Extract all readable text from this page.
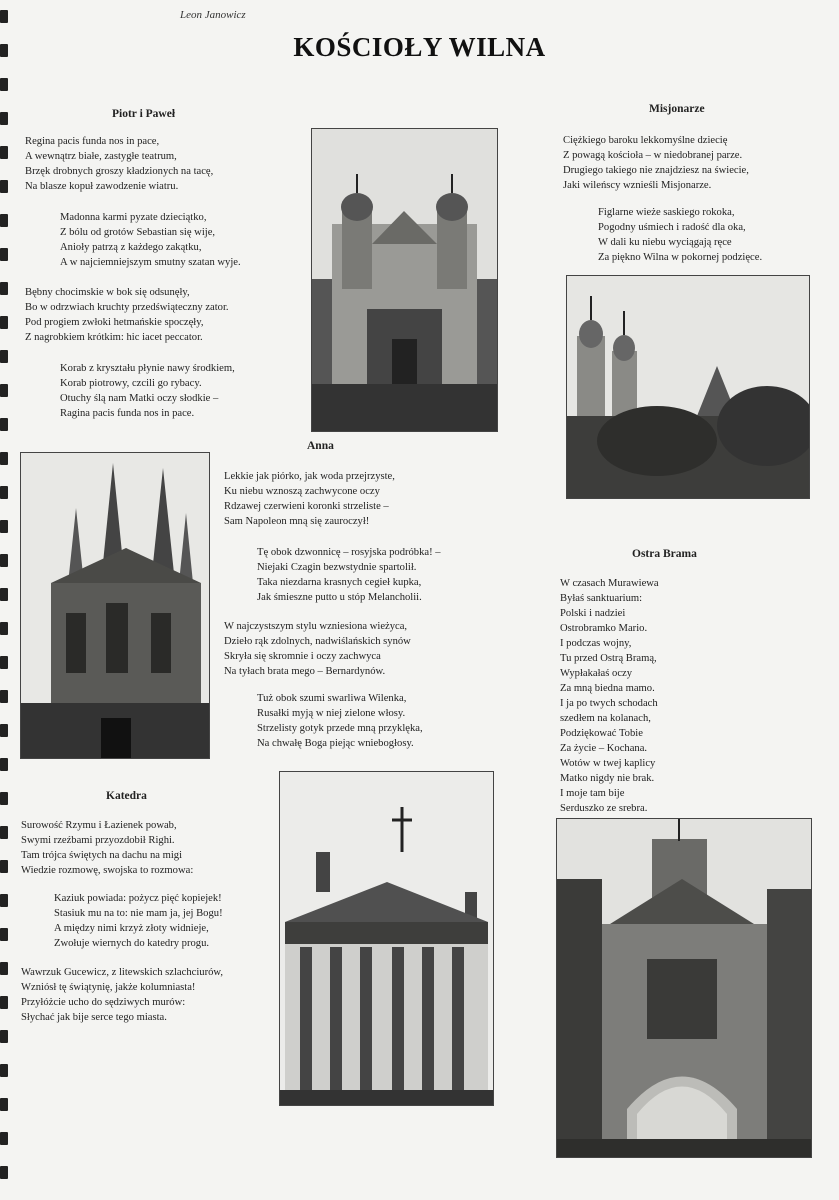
Leon Janowicz
KOŚCIOŁY WILNA
Piotr i Paweł
Regina pacis funda nos in pace,
A wewnątrz białe, zastygłe teatrum,
Brzęk drobnych groszy kładzionych na tacę,
Na blasze kopuł zawodzenie wiatru.
Madonna karmi pyzate dzieciątko,
Z bólu od grotów Sebastian się wije,
Anioły patrzą z każdego zakątku,
A w najciemniejszym smutny szatan wyje.
Bębny chocimskie w bok się odsunęły,
Bo w odrzwiach kruchty przedświąteczny zator.
Pod progiem zwłoki hetmańskie spoczęły,
Z nagrobkiem krótkim: hic iacet peccator.
Korab z kryształu płynie nawy środkiem,
Korab piotrowy, czcili go rybacy.
Otuchy ślą nam Matki oczy słodkie –
Ragina pacis funda nos in pace.
Misjonarze
Ciężkiego baroku lekkomyślne dziecię
Z powagą kościoła – w niedobranej parze.
Drugiego takiego nie znajdziesz na świecie,
Jaki wileńscy wznieśli Misjonarze.
Figlarne wieże saskiego rokoka,
Pogodny uśmiech i radość dla oka,
W dali ku niebu wyciągają ręce
Za piękno Wilna w pokornej podzięce.
Anna
Lekkie jak piórko, jak woda przejrzyste,
Ku niebu wznoszą zachwycone oczy
Rdzawej czerwieni koronki strzeliste –
Sam Napoleon mną się zauroczył!
Tę obok dzwonnicę – rosyjska podróbka! –
Niejaki Czagin bezwstydnie spartolił.
Taka niezdarna krasnych cegieł kupka,
Jak śmieszne putto u stóp Melancholii.
W najczystszym stylu wzniesiona wieżyca,
Dzieło rąk zdolnych, nadwiślańskich synów
Skryła się skromnie i oczy zachwyca
Na tyłach brata mego – Bernardynów.
Tuż obok szumi swarliwa Wilenka,
Rusałki myją w niej zielone włosy.
Strzelisty gotyk przede mną przyklęka,
Na chwałę Boga piejąc wniebogłosy.
Ostra Brama
W czasach Murawiewa
Byłaś sanktuarium:
Polski i nadziei
Ostrobramko Mario.
I podczas wojny,
Tu przed Ostrą Bramą,
Wypłakałaś oczy
Za mną biedna mamo.
I ja po twych schodach
szedłem na kolanach,
Podziękować Tobie
Za życie – Kochana.
Wotów w twej kaplicy
Matko nigdy nie brak.
I moje tam bije
Serduszko ze srebra.
Katedra
Surowość Rzymu i Łazienek powab,
Swymi rzeźbami przyozdobił Righi.
Tam trójca świętych na dachu na migi
Wiedzie rozmowę, swojska to rozmowa:
Kaziuk powiada: pożycz pięć kopiejek!
Stasiuk mu na to: nie mam ja, jej Bogu!
A między nimi krzyż złoty widnieje,
Zwołuje wiernych do katedry progu.
Wawrzuk Gucewicz, z litewskich szlachciurów,
Wzniósł tę świątynię, jakże kolumniasta!
Przyłóżcie ucho do sędziwych murów:
Słychać jak bije serce tego miasta.
